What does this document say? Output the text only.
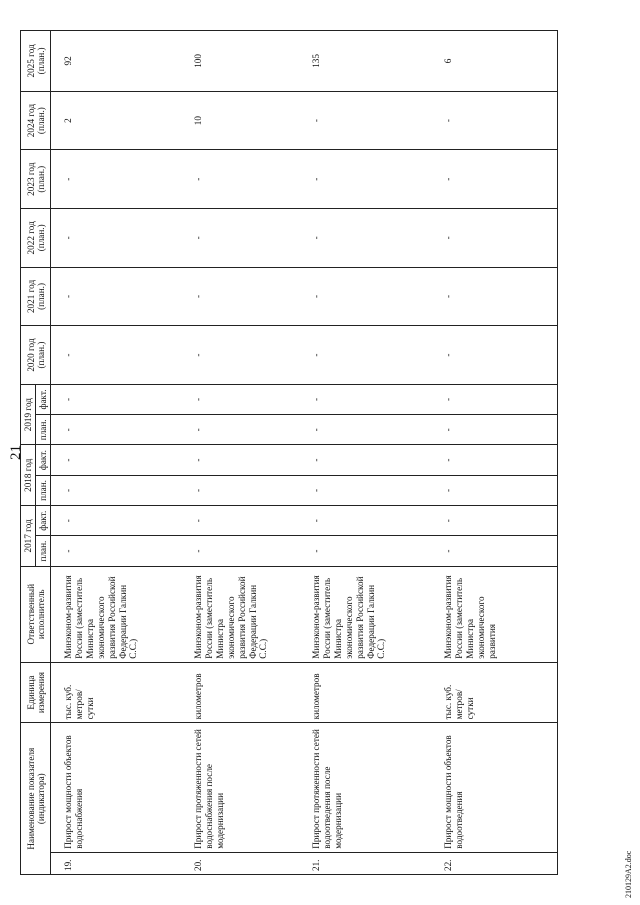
21
Наименование показателя (индикатора)		Единица измерения	Ответственный исполнитель	2017 год		2018 год		2019 год		2020 год (план.)	2021 год (план.)	2022 год (план.)	2023 год (план.)	2024 год (план.)	2025 год (план.)
				план.	факт.	план.	факт.	план.	факт.						
19.	Прирост мощности объектов водоснабжения	тыс. куб. метров/ сутки	Минэконом-развития России (заместитель Министра экономического развития Российской Федерации Галкин С.С.)	-	-	-	-	-	-	-	-	-	-	2	92
20.	Прирост протяженности сетей водоснабжения после модернизации	километров	Минэконом-развития России (заместитель Министра экономического развития Российской Федерации Галкин С.С.)	-	-	-	-	-	-	-	-	-	-	10	100
21.	Прирост протяженности сетей водоотведения после модернизации	километров	Минэконом-развития России (заместитель Министра экономического развития Российской Федерации Галкин С.С.)	-	-	-	-	-	-	-	-	-	-	-	135
22.	Прирост мощности объектов водоотведения	тыс. куб. метров/ сутки	Минэконом-развития России (заместитель Министра экономического развития	-	-	-	-	-	-	-	-	-	-	-	6
210129A2.doc
